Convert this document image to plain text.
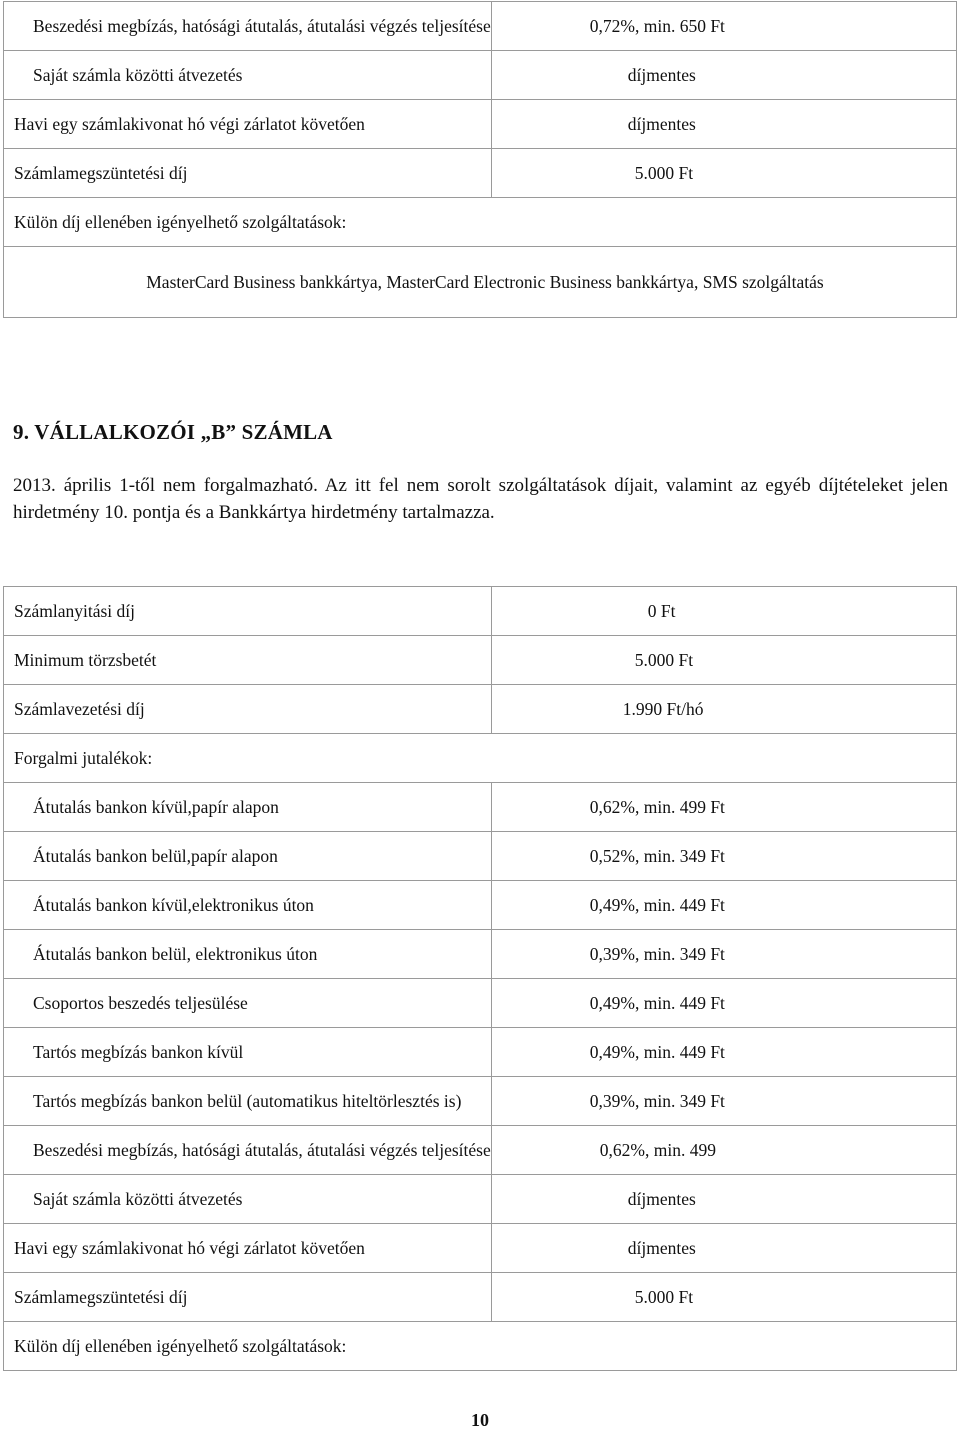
Beszedési megbízás, hatósági átutalás, átutalási végzés teljesítése	0,72%, min. 650 Ft
Saját számla közötti átvezetés	díjmentes
Havi egy számlakivonat hó végi zárlatot követően	díjmentes
Számlamegszüntetési díj	5.000 Ft
Külön díj ellenében igényelhető szolgáltatások:	
MasterCard Business bankkártya, MasterCard Electronic Business bankkártya, SMS szolgáltatás	
9. VÁLLALKOZÓI „B” SZÁMLA

2013. április 1-től nem forgalmazható. Az itt fel nem sorolt szolgáltatások díjait, valamint az egyéb díjtételeket jelen hirdetmény 10. pontja és a Bankkártya hirdetmény tartalmazza.

Számlanyitási díj	0 Ft
Minimum törzsbetét	5.000 Ft
Számlavezetési díj	1.990 Ft/hó
Forgalmi jutalékok:	
Átutalás bankon kívül,papír alapon	0,62%, min. 499 Ft
Átutalás bankon belül,papír alapon	0,52%, min. 349 Ft
Átutalás bankon kívül,elektronikus úton	0,49%, min. 449 Ft
Átutalás bankon belül, elektronikus úton	0,39%, min. 349 Ft
Csoportos beszedés teljesülése	0,49%, min. 449 Ft
Tartós megbízás bankon kívül	0,49%, min. 449 Ft
Tartós megbízás bankon belül (automatikus hiteltörlesztés is)	0,39%, min. 349 Ft
Beszedési megbízás, hatósági átutalás, átutalási végzés teljesítése	0,62%, min. 499
Saját számla közötti átvezetés	díjmentes
Havi egy számlakivonat hó végi zárlatot követően	díjmentes
Számlamegszüntetési díj	5.000 Ft
Külön díj ellenében igényelhető szolgáltatások:	
10
